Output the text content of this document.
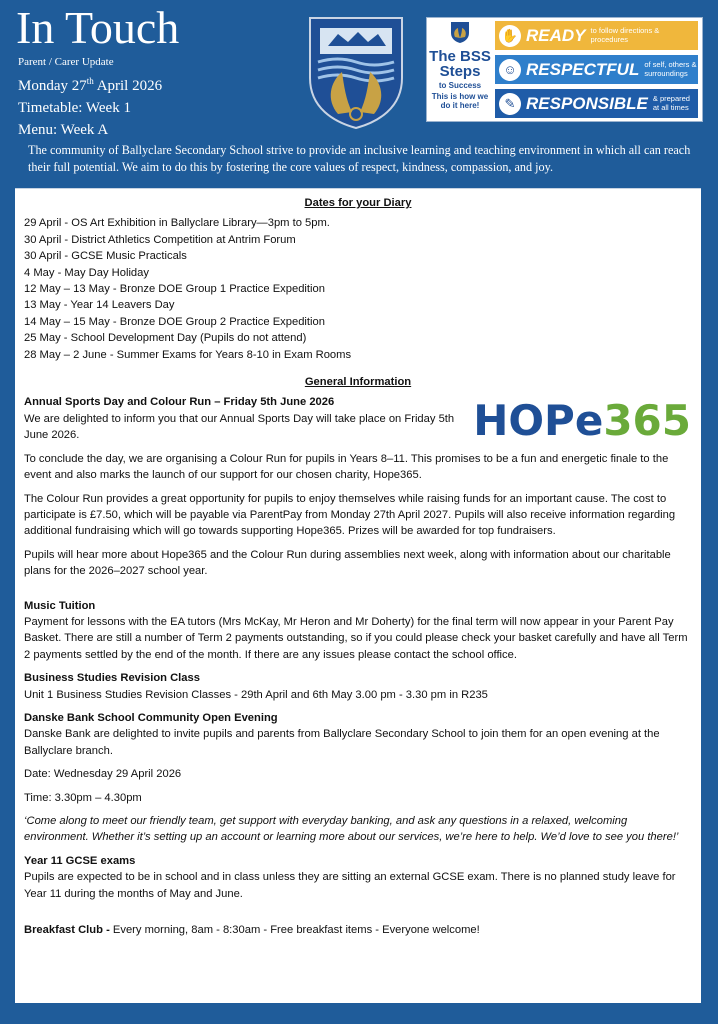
In Touch
Parent / Carer Update
Monday 27th April 2026
Timetable: Week 1
Menu: Week A
The BSS
Steps
to Success
This is how we do it here!
✋ READY to follow directions & procedures
☺ RESPECTFUL of self, others & surroundings
✎ RESPONSIBLE & prepared at all times
The community of Ballyclare Secondary School strive to provide an inclusive learning and teaching environment in which all can reach their full potential. We aim to do this by fostering the core values of respect, kindness, compassion, and joy.
HOPe365
Dates for your Diary
29 April - OS Art Exhibition in Ballyclare Library—3pm to 5pm.
30 April - District Athletics Competition at Antrim Forum
30 April - GCSE Music Practicals
4 May - May Day Holiday
12 May – 13 May - Bronze DOE Group 1 Practice Expedition
13 May - Year 14 Leavers Day
14 May – 15 May - Bronze DOE Group 2 Practice Expedition
25 May - School Development Day (Pupils do not attend)
28 May – 2 June - Summer Exams for Years 8-10 in Exam Rooms
General Information
Annual Sports Day and Colour Run – Friday 5th June 2026

We are delighted to inform you that our Annual Sports Day will take place on Friday 5th June 2026.

To conclude the day, we are organising a Colour Run for pupils in Years 8–11. This promises to be a fun and energetic finale to the event and also marks the launch of our support for our chosen charity, Hope365.

The Colour Run provides a great opportunity for pupils to enjoy themselves while raising funds for an important cause. The cost to participate is £7.50, which will be payable via ParentPay from Monday 27th April 2027. Pupils will also receive information regarding additional fundraising which will go towards supporting Hope365. Prizes will be awarded for top fundraisers.

Pupils will hear more about Hope365 and the Colour Run during assemblies next week, along with information about our charitable plans for the 2026–2027 school year.

Music Tuition

Payment for lessons with the EA tutors (Mrs McKay, Mr Heron and Mr Doherty) for the final term will now appear in your Parent Pay Basket. There are still a number of Term 2 payments outstanding, so if you could please check your basket carefully and have all Term 2 payments settled by the end of the month. If there are any issues please contact the school office.

Business Studies Revision Class

Unit 1 Business Studies Revision Classes - 29th April and 6th May 3.00 pm - 3.30 pm in R235

Danske Bank School Community Open Evening

Danske Bank are delighted to invite pupils and parents from Ballyclare Secondary School to join them for an open evening at the Ballyclare branch.

Date: Wednesday 29 April 2026

Time: 3.30pm – 4.30pm

‘Come along to meet our friendly team, get support with everyday banking, and ask any questions in a relaxed, welcoming environment. Whether it’s setting up an account or learning more about our services, we’re here to help. We’d love to see you there!’

Year 11 GCSE exams

Pupils are expected to be in school and in class unless they are sitting an external GCSE exam. There is no planned study leave for Year 11 during the months of May and June.

Breakfast Club - Every morning, 8am - 8:30am - Free breakfast items - Everyone welcome!
